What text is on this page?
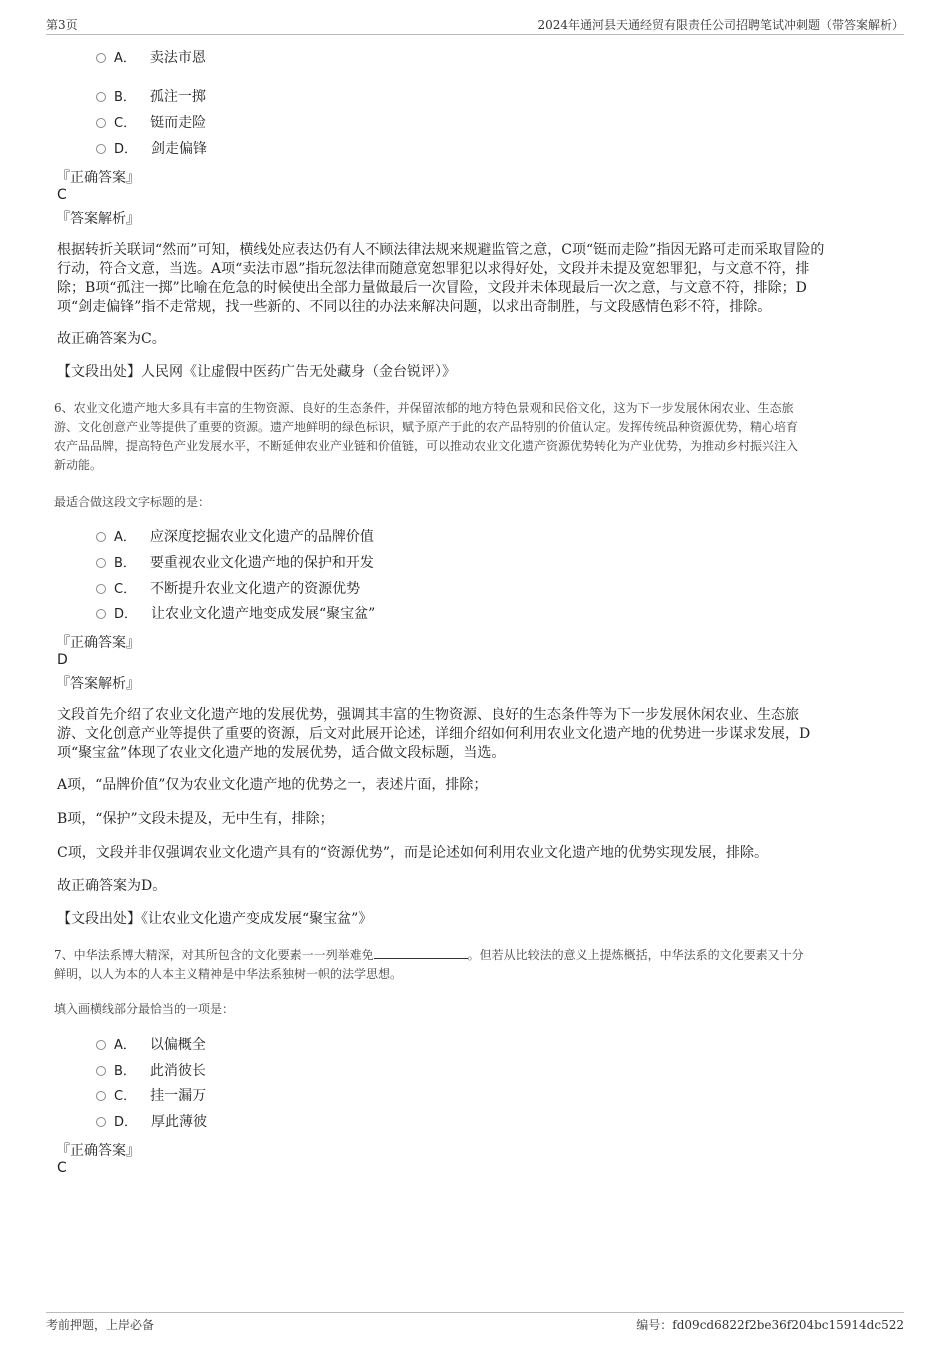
第3页	2024年通河县天通经贸有限责任公司招聘笔试冲刺题（带答案解析）
A． 卖法市恩
B． 孤注一掷
C． 铤而走险
D． 剑走偏锋
『正确答案』
C
『答案解析』
根据转折关联词“然而”可知，横线处应表达仍有人不顾法律法规来规避监管之意，C项“铤而走险”指因无路可走而采取冒险的
行动，符合文意，当选。A项“卖法市恩”指玩忽法律而随意宽恕罪犯以求得好处，文段并未提及宽恕罪犯，与文意不符，排
除；B项“孤注一掷”比喻在危急的时候使出全部力量做最后一次冒险，文段并未体现最后一次之意，与文意不符，排除；D
项“剑走偏锋”指不走常规，找一些新的、不同以往的办法来解决问题，以求出奇制胜，与文段感情色彩不符，排除。
故正确答案为C。
【文段出处】人民网《让虚假中医药广告无处藏身（金台锐评）》
6、农业文化遗产地大多具有丰富的生物资源、良好的生态条件，并保留浓郁的地方特色景观和民俗文化，这为下一步发展休闲农业、生态旅
游、文化创意产业等提供了重要的资源。遗产地鲜明的绿色标识，赋予原产于此的农产品特别的价值认定。发挥传统品种资源优势，精心培育
农产品品牌，提高特色产业发展水平，不断延伸农业产业链和价值链，可以推动农业文化遗产资源优势转化为产业优势，为推动乡村振兴注入
新动能。
最适合做这段文字标题的是：
A． 应深度挖掘农业文化遗产的品牌价值
B． 要重视农业文化遗产地的保护和开发
C． 不断提升农业文化遗产的资源优势
D． 让农业文化遗产地变成发展“聚宝盆”
『正确答案』
D
『答案解析』
文段首先介绍了农业文化遗产地的发展优势，强调其丰富的生物资源、良好的生态条件等为下一步发展休闲农业、生态旅
游、文化创意产业等提供了重要的资源，后文对此展开论述，详细介绍如何利用农业文化遗产地的优势进一步谋求发展，D
项“聚宝盆”体现了农业文化遗产地的发展优势，适合做文段标题，当选。
A项，“品牌价值”仅为农业文化遗产地的优势之一，表述片面，排除；
B项，“保护”文段未提及，无中生有，排除；
C项，文段并非仅强调农业文化遗产具有的“资源优势”，而是论述如何利用农业文化遗产地的优势实现发展，排除。
故正确答案为D。
【文段出处】《让农业文化遗产变成发展“聚宝盆”》
7、中华法系博大精深，对其所包含的文化要素一一列举难免	。但若从比较法的意义上提炼概括，中华法系的文化要素又十分
鲜明，以人为本的人本主义精神是中华法系独树一帜的法学思想。
填入画横线部分最恰当的一项是：
A． 以偏概全
B． 此消彼长
C． 挂一漏万
D． 厚此薄彼
『正确答案』
C
考前押题，上岸必备	编号：fd09cd6822f2be36f204bc15914dc522
